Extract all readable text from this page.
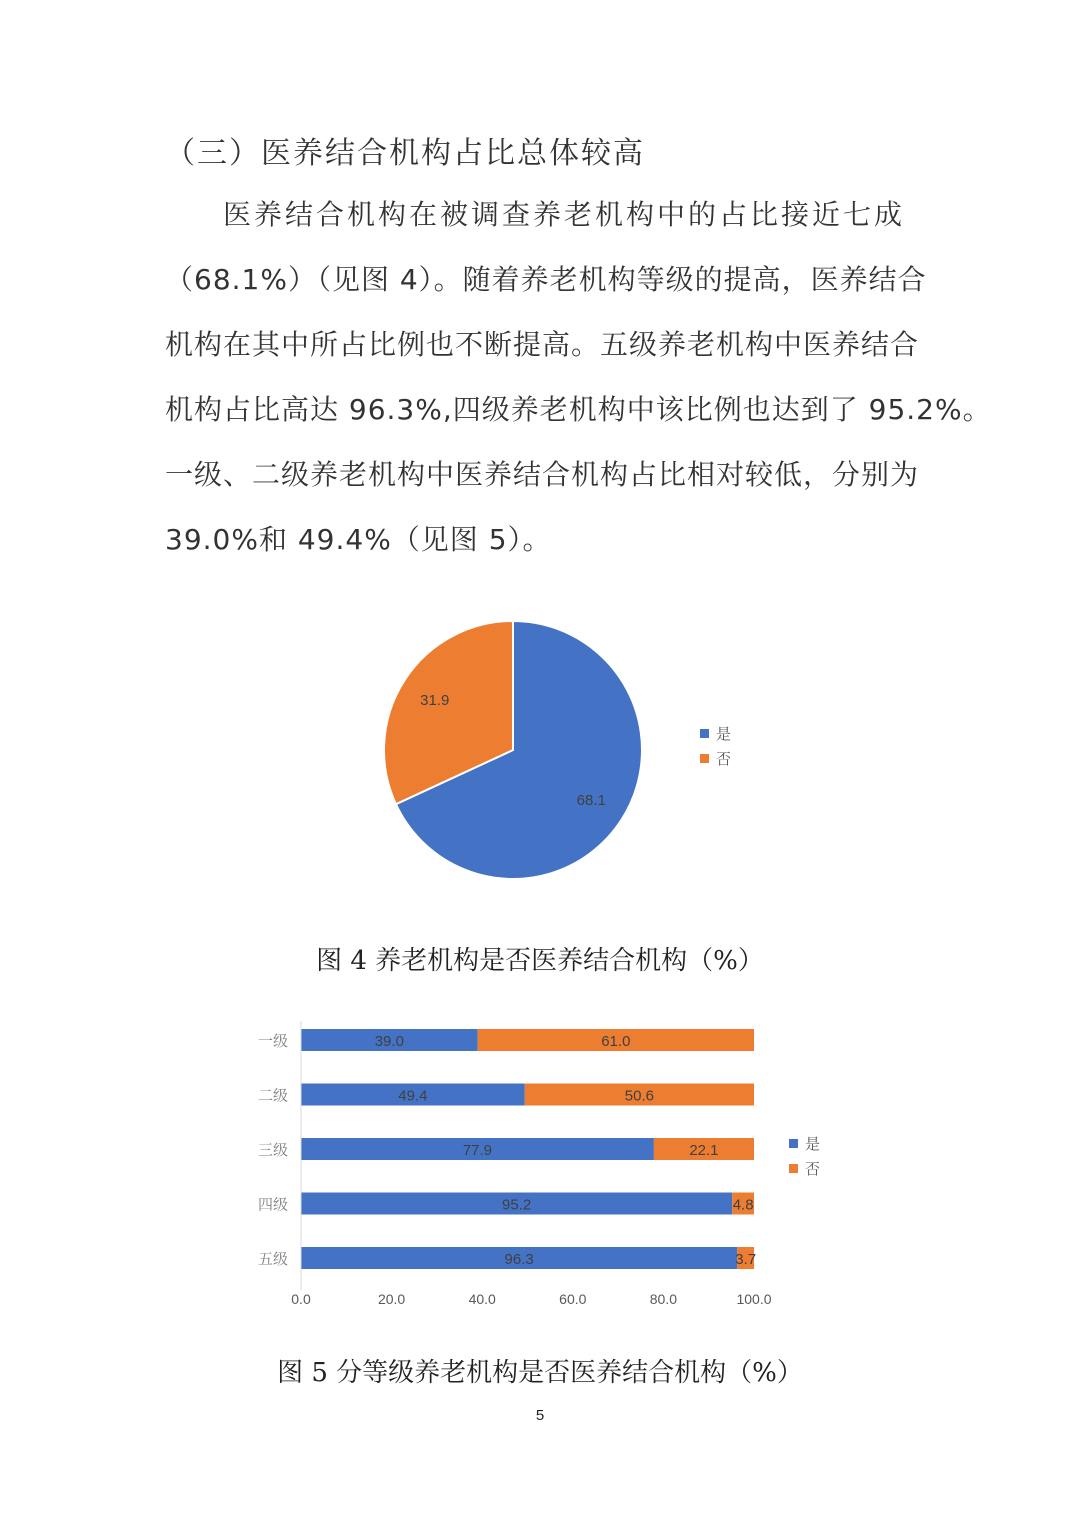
（三）医养结合机构占比总体较高
医养结合机构在被调查养老机构中的占比接近七成
（68.1%）（见图 4）。随着养老机构等级的提高，医养结合
机构在其中所占比例也不断提高。五级养老机构中医养结合
机构占比高达 96.3%,四级养老机构中该比例也达到了 95.2%。
一级、二级养老机构中医养结合机构占比相对较低，分别为
39.0%和 49.4%（见图 5）。
68.1
31.9
是
否
图 4 养老机构是否医养结合机构（%）
一级
二级
三级
四级
五级
39.0	61.0
49.4	50.6
77.9	22.1
95.2	4.8
96.3	3.7
0.0	20.0	40.0	60.0	80.0	100.0
是
否
图 5 分等级养老机构是否医养结合机构（%）
5
